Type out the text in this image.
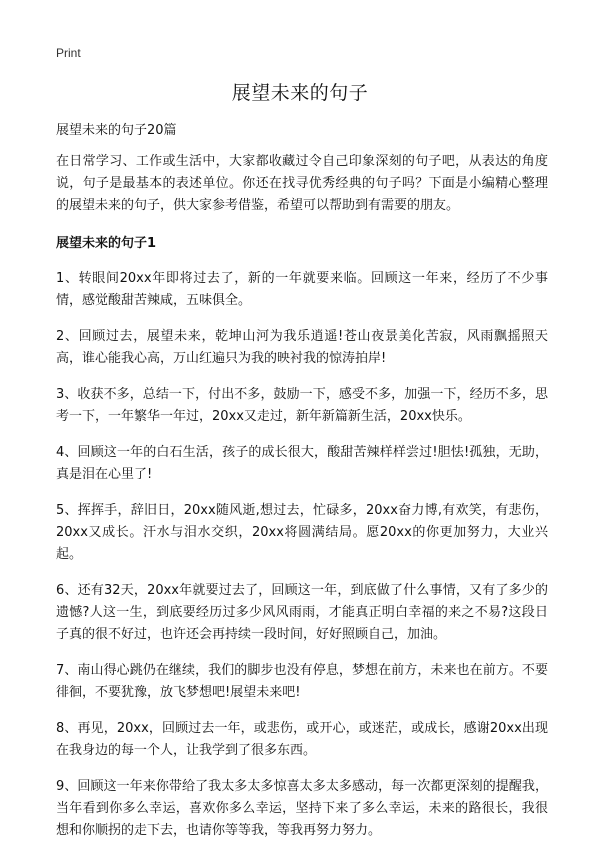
Print
展望未来的句子

展望未来的句子20篇

在日常学习、工作或生活中，大家都收藏过令自己印象深刻的句子吧，从表达的角度说，句子是最基本的表述单位。你还在找寻优秀经典的句子吗？下面是小编精心整理的展望未来的句子，供大家参考借鉴，希望可以帮助到有需要的朋友。

展望未来的句子1

1、转眼间20xx年即将过去了，新的一年就要来临。回顾这一年来，经历了不少事情，感觉酸甜苦辣咸，五味俱全。

2、回顾过去，展望未来，乾坤山河为我乐逍遥!苍山夜景美化苦寂，风雨飘摇照天高，谁心能我心高，万山红遍只为我的映衬我的惊涛拍岸!

3、收获不多，总结一下，付出不多，鼓励一下，感受不多，加强一下，经历不多，思考一下，一年繁华一年过，20xx又走过，新年新篇新生活，20xx快乐。

4、回顾这一年的白石生活，孩子的成长很大，酸甜苦辣样样尝过!胆怯!孤独，无助，真是泪在心里了!

5、挥挥手，辞旧日，20xx随风逝,想过去，忙碌多，20xx奋力博,有欢笑，有悲伤，20xx又成长。汗水与泪水交织，20xx将圆满结局。愿20xx的你更加努力，大业兴起。

6、还有32天，20xx年就要过去了，回顾这一年，到底做了什么事情，又有了多少的遗憾?人这一生，到底要经历过多少风风雨雨，才能真正明白幸福的来之不易?这段日子真的很不好过，也许还会再持续一段时间，好好照顾自己，加油。

7、南山得心跳仍在继续，我们的脚步也没有停息，梦想在前方，未来也在前方。不要徘徊，不要犹豫，放飞梦想吧!展望未来吧!

8、再见，20xx，回顾过去一年，或悲伤，或开心，或迷茫，或成长，感谢20xx出现在我身边的每一个人，让我学到了很多东西。

9、回顾这一年来你带给了我太多太多惊喜太多太多感动，每一次都更深刻的提醒我，当年看到你多么幸运，喜欢你多么幸运，坚持下来了多么幸运，未来的路很长，我很想和你顺拐的走下去，也请你等等我，等我再努力努力。
